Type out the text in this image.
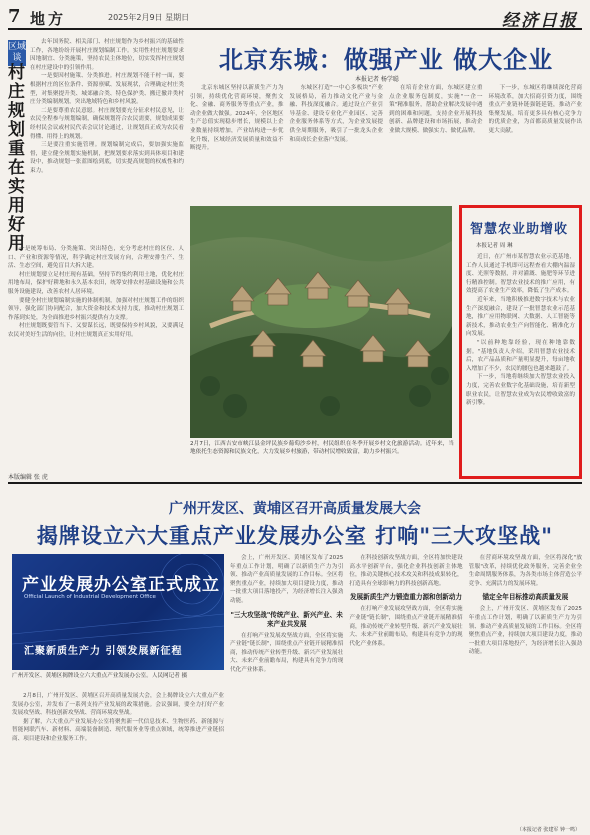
7 地方	2025年2月9日 星期日	经济日报
区域谈
村庄规划重在实用好用

去年国务院、相关部门、村庄规划作为乡村振兴的基础性工作，各地纷纷开展村庄规划编制工作。实用性村庄规划要求因地制宜、分类施策，坚持农民主体地位，切实发挥村庄规划在村庄建设中的引领作用。

一是要因村施策、分类推进。村庄规划不能千村一面，要根据村庄的区位条件、资源禀赋、发展现状，合理确定村庄类型，对集聚提升类、城郊融合类、特色保护类、搬迁撤并类村庄分类编制规划，突出地域特色和乡村风貌。

二是要尊重农民意愿。村庄规划要充分征求村民意见，让农民全程参与规划编制，确保规划符合农民需要，规划成果要经村民会议或村民代表会议讨论通过，让规划真正成为农民看得懂、用得上的规划。

三是要注重实施管理。规划编制完成后，要加强实施监督，建立健全规划实施机制，把规划要求落实到具体项目和建设中，推动规划一张蓝图绘到底，切实提高规划的权威性和约束力。

一是统筹布局、分类施策、突出特色，充分考虑村庄的区位、人口、产业和资源等情况，科学确定村庄发展方向，合理安排生产、生活、生态空间，避免盲目大拆大建。

村庄规划要立足村庄现有基础，坚持节约集约利用土地，优化村庄用地布局，保护好耕地和永久基本农田，统筹安排农村基础设施和公共服务设施建设，改善农村人居环境。

要健全村庄规划编制实施的体制机制，加强对村庄规划工作的组织领导，强化部门协同配合，加大资金和技术支持力度，推动村庄规划工作落到实处，为全面推进乡村振兴提供有力支撑。

村庄规划既要管当下、又要谋长远，既要保持乡村风貌，又要满足农民对美好生活的向往，让村庄规划真正实用好用。

本版编辑 张 虎
北京东城：做强产业 做大企业
本报记者 杨学聪

北京东城区坚持以新质生产力为引领，持续优化营商环境，聚焦文化、金融、商务服务等重点产业，推动企业做大做强。2024年，全区地区生产总值实现稳步增长，规模以上企业数量持续增加，产业结构进一步优化升级，区域经济发展质量和效益不断提升。

东城区打造"一中心多板块"产业发展格局，着力推动文化产业与金融、科技深度融合。通过设立产业引导基金、建设专业化产业园区、完善企业服务体系等方式，为企业发展提供全周期服务，吸引了一批龙头企业和高成长企业落户发展。

在培育企业方面，东城区建立重点企业服务包制度，实施"一企一策"精准服务，帮助企业解决发展中遇到的困难和问题，支持企业开展科技创新、品牌建设和市场拓展，推动企业做大规模、做强实力、做优品牌。

下一步，东城区将继续深化营商环境改革，加大招商引资力度，围绕重点产业链补链强链延链，推动产业集聚发展，培育更多具有核心竞争力的优质企业，为首都高质量发展作出更大贡献。

2月7日，江西吉安市峡江县金坪民族乡葡萄沙乡村，村民组织在冬季开展乡村文化旅游活动。近年来，当地依托生态资源和民族文化，大力发展乡村旅游，带动村民增收致富，助力乡村振兴。
智慧农业助增收
本报记者 周 琳

近日，在广州市某智慧农业示范基地，工作人员通过手机即可远程查看大棚内温湿度、光照等数据，并对灌溉、施肥等环节进行精准控制。智慧农业技术的推广应用，有效提高了农业生产效率，降低了生产成本。

近年来，当地积极推进数字技术与农业生产深度融合，建设了一批智慧农业示范基地，推广应用物联网、大数据、人工智能等新技术，推动农业生产向智能化、精准化方向发展。

"以前种地靠经验，现在种地靠数据。"基地负责人介绍，采用智慧农业技术后，农产品品质和产量明显提升，每亩地收入增加了不少，农民的腰包也越来越鼓了。

下一步，当地将继续加大智慧农业投入力度，完善农业数字化基础设施，培育新型职业农民，让智慧农业成为农民增收致富的新引擎。

广州开发区、黄埔区召开高质量发展大会
揭牌设立六大重点产业发展办公室 打响"三大攻坚战"
产业发展办公室正式成立
Official Launch of Industrial Development Office
汇聚新质生产力 引领发展新征程
广州开发区、黄埔区揭牌设立六大重点产业发展办公室。人民网记者 摄

2月8日，广州开发区、黄埔区召开高质量发展大会，会上揭牌设立六大重点产业发展办公室，并发布了一系列支持产业发展的政策措施。会议强调，要全力打好产业发展攻坚战、科技创新攻坚战、营商环境攻坚战。

据了解，六大重点产业发展办公室将聚焦新一代信息技术、生物医药、新能源与智能网联汽车、新材料、高端装备制造、现代服务业等重点领域，统筹推进产业链招商、项目建设和企业服务工作。

会上，广州开发区、黄埔区发布了2025年重点工作计划，明确了以新质生产力为引领、推动产业高质量发展的工作目标。全区将聚焦重点产业，持续加大项目建设力度，推动一批重大项目落地投产，为经济增长注入强劲动能。

"三大攻坚战"传统产业、新兴产业、未来产业共发展

在打响产业发展攻坚战方面，全区将实施产业链"链长制"，围绕重点产业链开展精准招商，推动传统产业转型升级、新兴产业发展壮大、未来产业前瞻布局，构建具有竞争力的现代化产业体系。

在科技创新攻坚战方面，全区将加快建设高水平创新平台，强化企业科技创新主体地位，推动关键核心技术攻关和科技成果转化，打造具有全球影响力的科技创新高地。

发展新质生产力锻造重力源和创新动力

在打响产业发展攻坚战方面，全区将实施产业链"链长制"，围绕重点产业链开展精准招商，推动传统产业转型升级、新兴产业发展壮大、未来产业前瞻布局，构建具有竞争力的现代化产业体系。

在营商环境攻坚战方面，全区将深化"放管服"改革，持续优化政务服务，完善企业全生命周期服务体系，为各类市场主体营造公平竞争、充满活力的发展环境。

锚定全年目标推动高质量发展

会上，广州开发区、黄埔区发布了2025年重点工作计划，明确了以新质生产力为引领、推动产业高质量发展的工作目标。全区将聚焦重点产业，持续加大项目建设力度，推动一批重大项目落地投产，为经济增长注入强劲动能。

（本报记者 张建军 钟一鸣）
